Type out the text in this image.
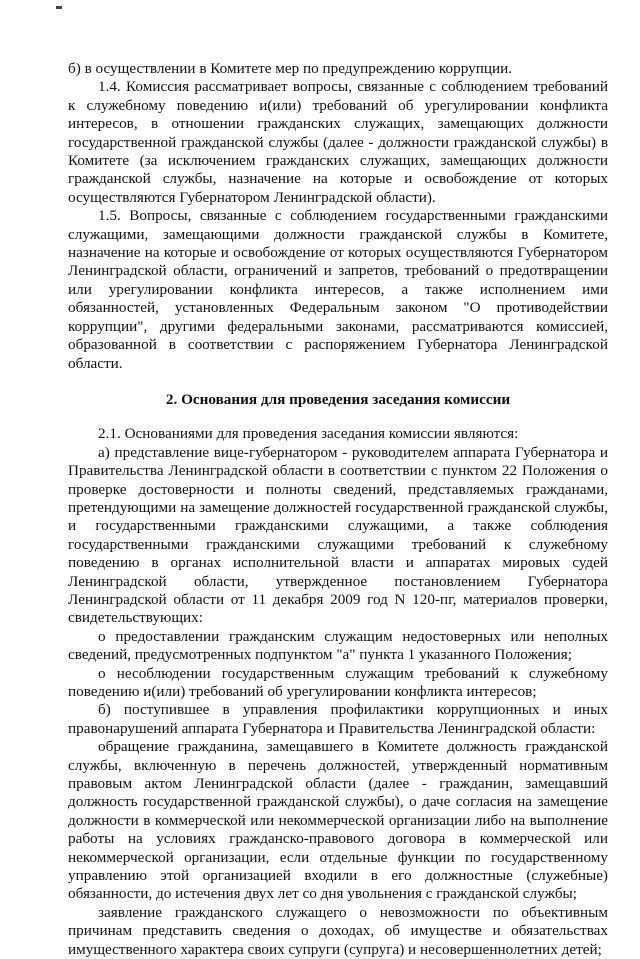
б) в осуществлении в Комитете мер по предупреждению коррупции.

1.4. Комиссия рассматривает вопросы, связанные с соблюдением требований к служебному поведению и(или) требований об урегулировании конфликта интересов, в отношении гражданских служащих, замещающих должности государственной гражданской службы (далее - должности гражданской службы) в Комитете (за исключением гражданских служащих, замещающих должности гражданской службы, назначение на которые и освобождение от которых осуществляются Губернатором Ленинградской области).

1.5. Вопросы, связанные с соблюдением государственными гражданскими служащими, замещающими должности гражданской службы в Комитете, назначение на которые и освобождение от которых осуществляются Губернатором Ленинградской области, ограничений и запретов, требований о предотвращении или урегулировании конфликта интересов, а также исполнением ими обязанностей, установленных Федеральным законом "О противодействии коррупции", другими федеральными законами, рассматриваются комиссией, образованной в соответствии с распоряжением Губернатора Ленинградской области.

2. Основания для проведения заседания комиссии

2.1. Основаниями для проведения заседания комиссии являются:

а) представление вице-губернатором - руководителем аппарата Губернатора и Правительства Ленинградской области в соответствии с пунктом 22 Положения о проверке достоверности и полноты сведений, представляемых гражданами, претендующими на замещение должностей государственной гражданской службы, и государственными гражданскими служащими, а также соблюдения государственными гражданскими служащими требований к служебному поведению в органах исполнительной власти и аппаратах мировых судей Ленинградской области, утвержденное постановлением Губернатора Ленинградской области от 11 декабря 2009 год N 120-пг, материалов проверки, свидетельствующих:

о предоставлении гражданским служащим недостоверных или неполных сведений, предусмотренных подпунктом "а" пункта 1 указанного Положения;

о несоблюдении государственным служащим требований к служебному поведению и(или) требований об урегулировании конфликта интересов;

б) поступившее в управления профилактики коррупционных и иных правонарушений аппарата Губернатора и Правительства Ленинградской области:

обращение гражданина, замещавшего в Комитете должность гражданской службы, включенную в перечень должностей, утвержденный нормативным правовым актом Ленинградской области (далее - гражданин, замещавший должность государственной гражданской службы), о даче согласия на замещение должности в коммерческой или некоммерческой организации либо на выполнение работы на условиях гражданско-правового договора в коммерческой или некоммерческой организации, если отдельные функции по государственному управлению этой организацией входили в его должностные (служебные) обязанности, до истечения двух лет со дня увольнения с гражданской службы;

заявление гражданского служащего о невозможности по объективным причинам представить сведения о доходах, об имуществе и обязательствах имущественного характера своих супруги (супруга) и несовершеннолетних детей;
